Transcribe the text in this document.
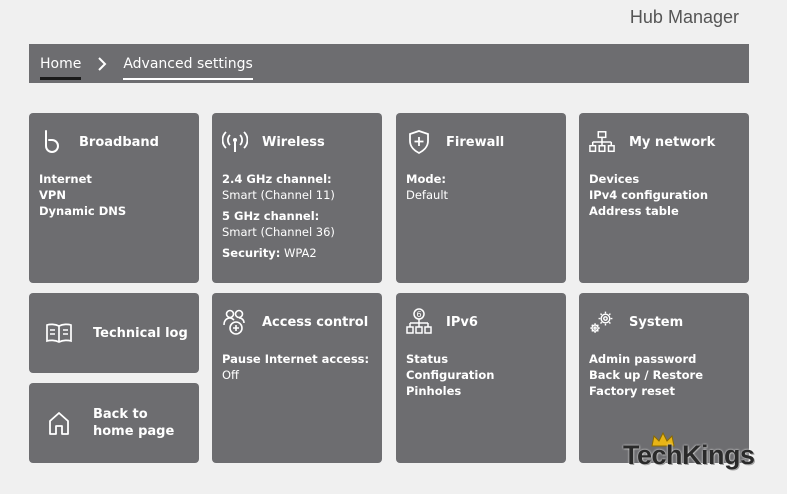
Hub Manager
Home	Advanced settings
Broadband
Internet
VPN
Dynamic DNS
Wireless
2.4 GHz channel:
Smart (Channel 11)
5 GHz channel:
Smart (Channel 36)
Security: WPA2
Firewall
Mode:
Default
My network
Devices
IPv4 configuration
Address table
Technical log
Back to
home page
Access control
Pause Internet access: Off
6 IPv6
Status
Configuration
Pinholes
System
Admin password
Back up / Restore
Factory reset
TechKings
